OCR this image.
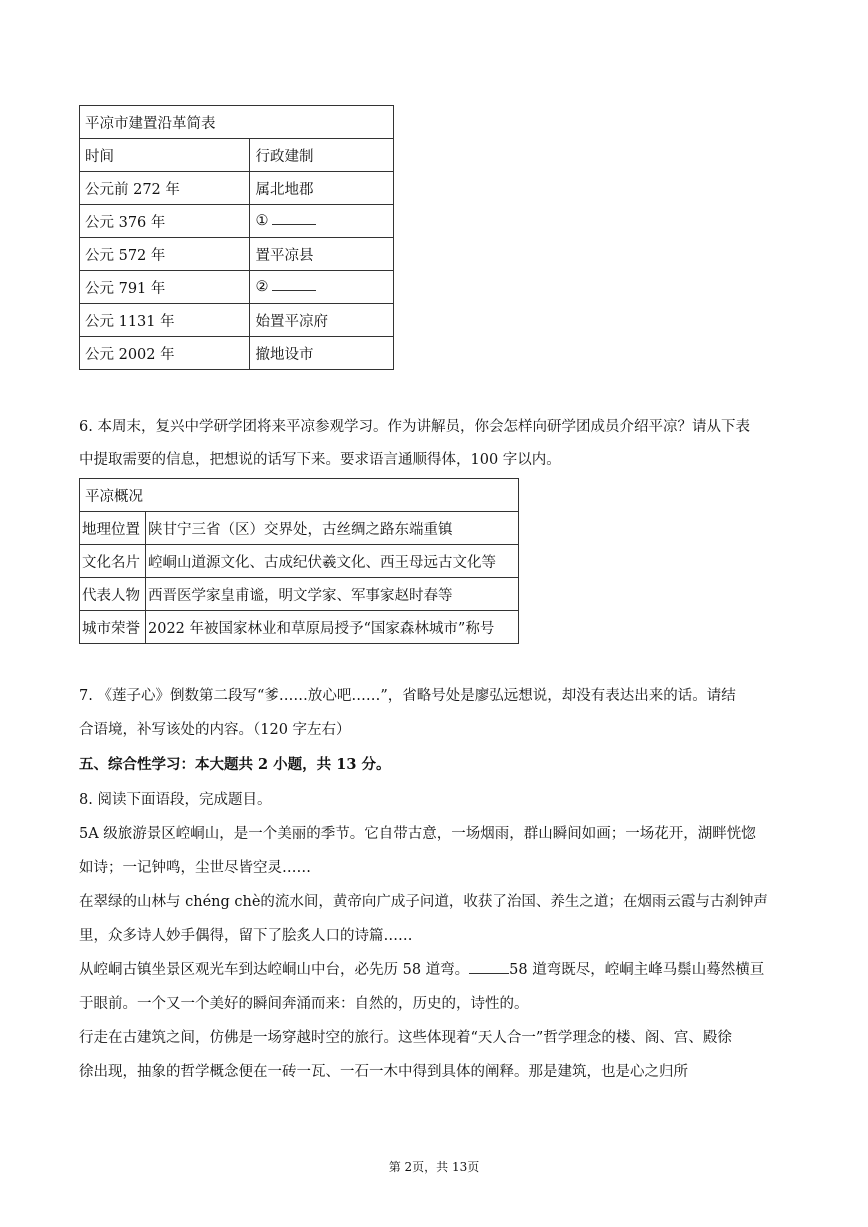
平凉市建置沿革简表	
时间	行政建制
公元前 272 年	属北地郡
公元 376 年	①
公元 572 年	置平凉县
公元 791 年	②
公元 1131 年	始置平凉府
公元 2002 年	撤地设市

6. 本周末，复兴中学研学团将来平凉参观学习。作为讲解员，你会怎样向研学团成员介绍平凉？请从下表

中提取需要的信息，把想说的话写下来。要求语言通顺得体，100 字以内。

平凉概况	
地理位置	陕甘宁三省（区）交界处，古丝绸之路东端重镇
文化名片	崆峒山道源文化、古成纪伏羲文化、西王母远古文化等
代表人物	西晋医学家皇甫谧，明文学家、军事家赵时春等
城市荣誉	2022 年被国家林业和草原局授予“国家森林城市”称号

7. 《莲子心》倒数第二段写“爹……放心吧……”，省略号处是廖弘远想说，却没有表达出来的话。请结

合语境，补写该处的内容。（120 字左右）

五、综合性学习：本大题共 2 小题，共 13 分。

8. 阅读下面语段，完成题目。

5A 级旅游景区崆峒山，是一个美丽的季节。它自带古意，一场烟雨，群山瞬间如画；一场花开，湖畔恍惚

如诗；一记钟鸣，尘世尽皆空灵……

在翠绿的山林与 chéng chè的流水间，黄帝向广成子问道，收获了治国、养生之道；在烟雨云霞与古刹钟声

里，众多诗人妙手偶得，留下了脍炙人口的诗篇……

从崆峒古镇坐景区观光车到达崆峒山中台，必先历 58 道弯。	58 道弯既尽，崆峒主峰马鬃山蓦然横亘

于眼前。一个又一个美好的瞬间奔涌而来：自然的，历史的，诗性的。

行走在古建筑之间，仿佛是一场穿越时空的旅行。这些体现着“天人合一”哲学理念的楼、阁、宫、殿徐

徐出现，抽象的哲学概念便在一砖一瓦、一石一木中得到具体的阐释。那是建筑，也是心之归所

第 2页，共 13页
